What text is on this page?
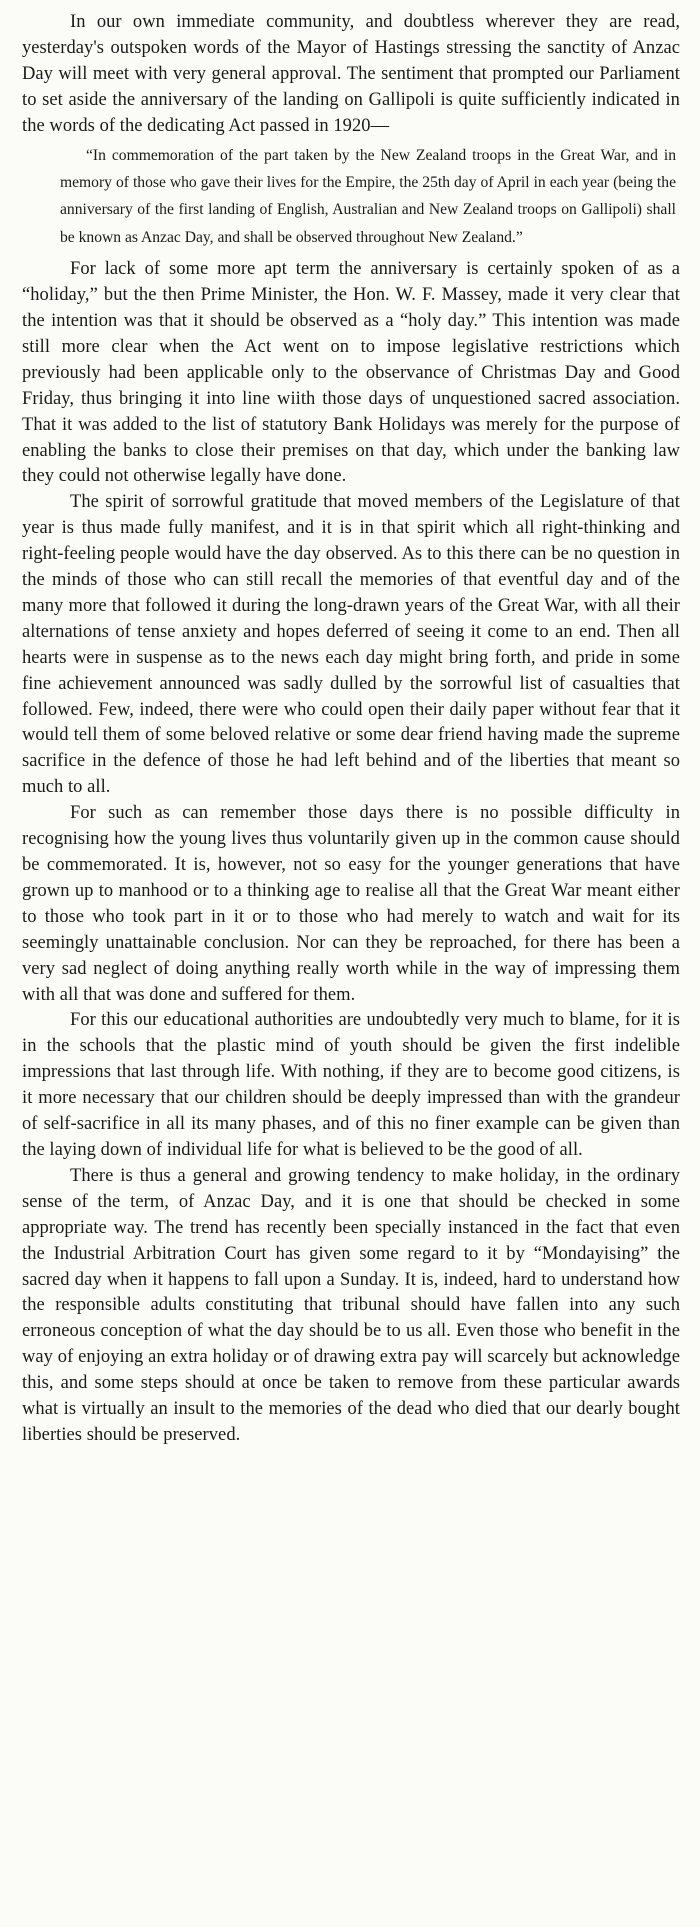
In our own immediate community, and doubtless wherever they are read, yesterday's outspoken words of the Mayor of Hastings stressing the sanctity of Anzac Day will meet with very general approval. The sentiment that prompted our Parliament to set aside the anniversary of the landing on Gallipoli is quite sufficiently indicated in the words of the dedicating Act passed in 1920—

“In commemoration of the part taken by the New Zealand troops in the Great War, and in memory of those who gave their lives for the Empire, the 25th day of April in each year (being the anniversary of the first landing of English, Australian and New Zealand troops on Gallipoli) shall be known as Anzac Day, and shall be observed throughout New Zealand.”

For lack of some more apt term the anniversary is certainly spoken of as a “holiday,” but the then Prime Minister, the Hon. W. F. Massey, made it very clear that the intention was that it should be observed as a “holy day.” This intention was made still more clear when the Act went on to impose legislative restrictions which previously had been applicable only to the observance of Christmas Day and Good Friday, thus bringing it into line wiith those days of unquestioned sacred association. That it was added to the list of statutory Bank Holidays was merely for the purpose of enabling the banks to close their premises on that day, which under the banking law they could not otherwise legally have done.

The spirit of sorrowful gratitude that moved members of the Legislature of that year is thus made fully manifest, and it is in that spirit which all right-thinking and right-feeling people would have the day observed. As to this there can be no question in the minds of those who can still recall the memories of that eventful day and of the many more that followed it during the long-drawn years of the Great War, with all their alternations of tense anxiety and hopes deferred of seeing it come to an end. Then all hearts were in suspense as to the news each day might bring forth, and pride in some fine achievement announced was sadly dulled by the sorrowful list of casualties that followed. Few, indeed, there were who could open their daily paper without fear that it would tell them of some beloved relative or some dear friend having made the supreme sacrifice in the defence of those he had left behind and of the liberties that meant so much to all.

For such as can remember those days there is no possible difficulty in recognising how the young lives thus voluntarily given up in the common cause should be commemorated. It is, however, not so easy for the younger generations that have grown up to manhood or to a thinking age to realise all that the Great War meant either to those who took part in it or to those who had merely to watch and wait for its seemingly unattainable conclusion. Nor can they be reproached, for there has been a very sad neglect of doing anything really worth while in the way of impressing them with all that was done and suffered for them.

For this our educational authorities are undoubtedly very much to blame, for it is in the schools that the plastic mind of youth should be given the first indelible impressions that last through life. With nothing, if they are to become good citizens, is it more necessary that our children should be deeply impressed than with the grandeur of self-sacrifice in all its many phases, and of this no finer example can be given than the laying down of individual life for what is believed to be the good of all.

There is thus a general and growing tendency to make holiday, in the ordinary sense of the term, of Anzac Day, and it is one that should be checked in some appropriate way. The trend has recently been specially instanced in the fact that even the Industrial Arbitration Court has given some regard to it by “Mondayising” the sacred day when it happens to fall upon a Sunday. It is, indeed, hard to understand how the responsible adults constituting that tribunal should have fallen into any such erroneous conception of what the day should be to us all. Even those who benefit in the way of enjoying an extra holiday or of drawing extra pay will scarcely but acknowledge this, and some steps should at once be taken to remove from these particular awards what is virtually an insult to the memories of the dead who died that our dearly bought liberties should be preserved.
